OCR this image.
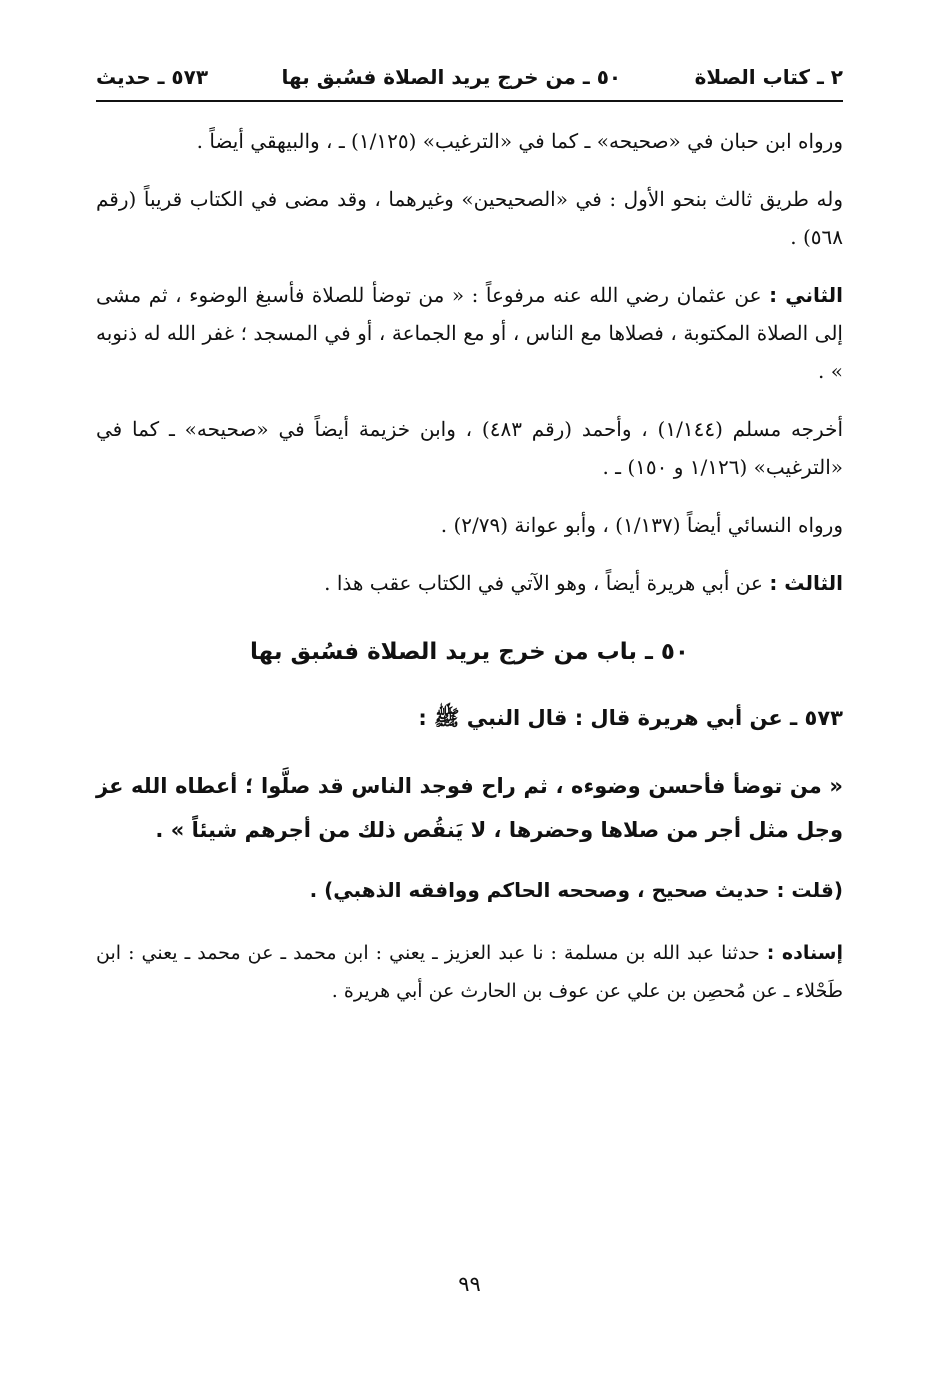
٢ ـ كتاب الصلاة
٥٠ ـ من خرج يريد الصلاة فسُبق بها
٥٧٣ ـ حديث

ورواه ابن حبان في «صحيحه» ـ كما في «الترغيب» (١/١٢٥) ـ ، والبيهقي أيضاً .

وله طريق ثالث بنحو الأول : في «الصحيحين» وغيرهما ، وقد مضى في الكتاب قريباً (رقم ٥٦٨) .

الثاني : عن عثمان رضي الله عنه مرفوعاً : « من توضأ للصلاة فأسبغ الوضوء ، ثم مشى إلى الصلاة المكتوبة ، فصلاها مع الناس ، أو مع الجماعة ، أو في المسجد ؛ غفر الله له ذنوبه » .

أخرجه مسلم (١/١٤٤) ، وأحمد (رقم ٤٨٣) ، وابن خزيمة أيضاً في «صحيحه» ـ كما في «الترغيب» (١/١٢٦ و ١٥٠) ـ .

ورواه النسائي أيضاً (١/١٣٧) ، وأبو عوانة (٢/٧٩) .

الثالث : عن أبي هريرة أيضاً ، وهو الآتي في الكتاب عقب هذا .

٥٠ ـ باب من خرج يريد الصلاة فسُبق بها
٥٧٣ ـ عن أبي هريرة قال : قال النبي ﷺ :
« من توضأ فأحسن وضوءه ، ثم راح فوجد الناس قد صلَّوا ؛ أعطاه الله عز وجل مثل أجر من صلاها وحضرها ، لا يَنقُص ذلك من أجرهم شيئاً » .
(قلت : حديث صحيح ، وصححه الحاكم ووافقه الذهبي) .

إسناده : حدثنا عبد الله بن مسلمة : نا عبد العزيز ـ يعني : ابن محمد ـ عن محمد ـ يعني : ابن طَحْلاء ـ عن مُحصِن بن علي عن عوف بن الحارث عن أبي هريرة .

٩٩
